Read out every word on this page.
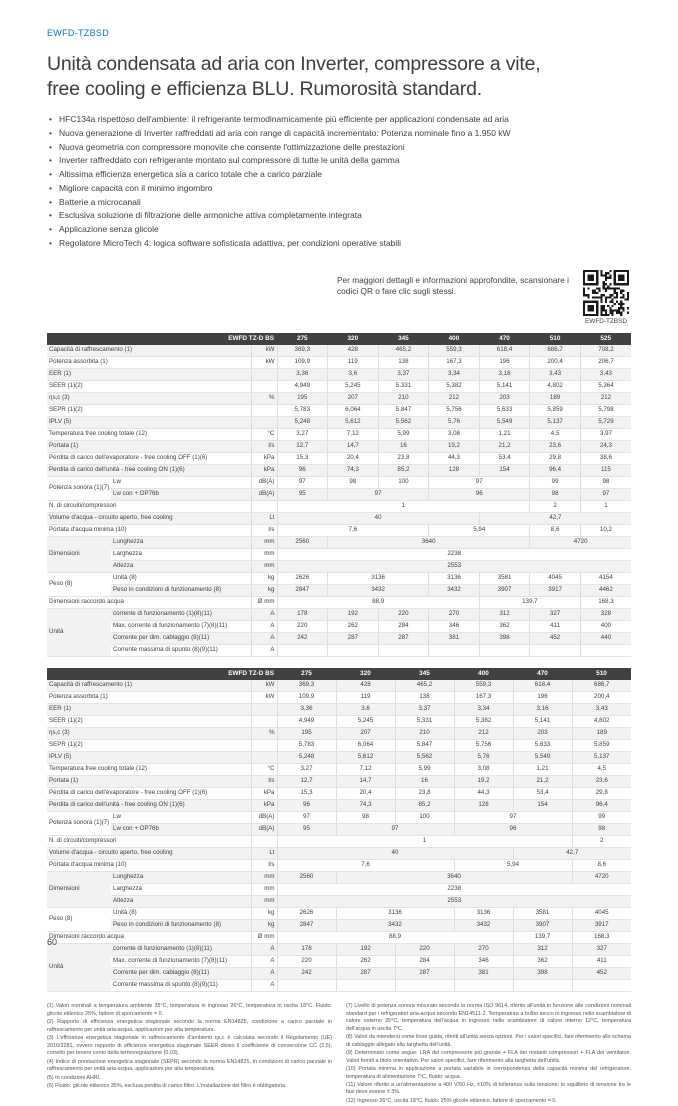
EWFD-TZBSD
Unità condensata ad aria con Inverter, compressore a vite,
free cooling e efficienza BLU. Rumorosità standard.
• HFC134a rispettoso dell'ambiente: il refrigerante termodinamicamente più efficiente per applicazioni condensate ad aria
• Nuova generazione di Inverter raffreddati ad aria con range di capacità incrementato: Potenza nominale fino a 1.950 kW
• Nuova geometria con compressore monovite che consente l'ottimizzazione delle prestazioni
• Inverter raffreddato con refrigerante montato sul compressore di tutte le unità della gamma
• Altissima efficienza energetica sia a carico totale che a carico parziale
• Migliore capacità con il minimo ingombro
• Batterie a microcanali
• Esclusiva soluzione di filtrazione delle armoniche attiva completamente integrata
• Applicazione senza glicole
• Regolatore MicroTech 4: logica software sofisticata adattiva, per condizioni operative stabili
Per maggiori dettagli e informazioni approfondite, scansionare i codici QR o fare clic sugli stessi.
EWFD-TZBSD
EWFD TZ-D BS			275	320	345	400	470	510	525
Capacità di raffrescamento (1)		kW	369,3	428	465,2	559,3	618,4	686,7	708,2
Potenza assorbita (1)		kW	109,9	119	138	167,3	196	200,4	206,7
EER (1)			3,36	3,6	3,37	3,34	3,16	3,43	3,43
SEER (1)(2)			4,949	5,245	5,331	5,382	5,141	4,802	5,364
ηs,c (3)		%	195	207	210	212	203	189	212
SEPR (1)(2)			5,783	6,064	5,847	5,756	5,633	5,859	5,798
IPLV (5)			5,248	5,612	5,562	5,76	5,549	5,137	5,729
Temperatura free cooling totale (12)		°C	3,27	7,12	5,99	3,08	1,21	4,5	3,97
Portata (1)		l/s	12,7	14,7	16	19,2	21,2	23,6	24,3
Perdita di carico dell'evaporatore - free cooling OFF (1)(6)		kPa	15,3	20,4	23,8	44,3	53,4	29,8	38,6
Perdita di carico dell'unità - free cooling ON (1)(6)		kPa	96	74,3	85,2	128	154	96,4	115
Potenza sonora (1)(7)	Lw	dB(A)	97	98	100	97		99	98
	Lw con + OP76b	dB(A)	95	97		96		98	97
N. di circuiti/compressori			1					2	1
Volume d'acqua - circuito aperto, free cooling		Lt	40				42,7		
Portata d'acqua minima (10)		l/s	7,6			5,94		8,6	10,2
Dimensioni	Lunghezza	mm	2560	3640				4720	
	Larghezza	mm	2238						
	Altezza	mm	2553						
Peso (8)	Unità (8)	kg	2626	3136		3136	3581	4045	4154
	Peso in condizioni di funzionamento (8)	kg	2847	3432		3432	3907	3917	4462
Dimensioni raccordo acqua		Ø mm	88,9				139,7		168,3
Unità	corrente di funzionamento (1)(8)(11)	A	178	192	220	270	312	327	328
	Max. corrente di funzionamento (7)(8)(11)	A	220	262	284	346	362	411	400
	Corrente per dim. cablaggio (8)(11)	A	242	287	287	381	398	452	440
	Corrente massima di spunto (8)(9)(11)	A							
EWFD TZ-D BS			275	320	345	400	470	510
Capacità di raffrescamento (1)		kW	369,3	428	465,2	559,3	618,4	686,7
Potenza assorbita (1)		kW	109,9	119	138	167,3	196	200,4
EER (1)			3,36	3,6	3,37	3,34	3,16	3,43
SEER (1)(2)			4,949	5,245	5,331	5,382	5,141	4,802
ηs,c (3)		%	195	207	210	212	203	189
SEPR (1)(2)			5,783	6,064	5,847	5,756	5,633	5,859
IPLV (5)			5,248	5,612	5,562	5,76	5,549	5,137
Temperatura free cooling totale (12)		°C	3,27	7,12	5,99	3,08	1,21	4,5
Portata (1)		l/s	12,7	14,7	16	19,2	21,2	23,6
Perdita di carico dell'evaporatore - free cooling OFF (1)(6)		kPa	15,3	20,4	23,8	44,3	53,4	29,8
Perdita di carico dell'unità - free cooling ON (1)(6)		kPa	96	74,3	85,2	128	154	96,4
Potenza sonora (1)(7)	Lw	dB(A)	97	98	100	97		99
	Lw con + OP76b	dB(A)	95	97		96		98
N. di circuiti/compressori			1					2
Volume d'acqua - circuito aperto, free cooling		Lt	40				42,7	
Portata d'acqua minima (10)		l/s	7,6			5,94		8,6
Dimensioni	Lunghezza	mm	2560	3640				4720
	Larghezza	mm	2238					
	Altezza	mm	2553					
Peso (8)	Unità (8)	kg	2626	3136		3136	3581	4045
	Peso in condizioni di funzionamento (8)	kg	2847	3432		3432	3907	3917
Dimensioni raccordo acqua		Ø mm	88,9				139,7	168,3
Unità	corrente di funzionamento (1)(8)(11)	A	178	192	220	270	312	327
	Max. corrente di funzionamento (7)(8)(11)	A	220	262	284	346	362	411
	Corrente per dim. cablaggio (8)(11)	A	242	287	287	381	398	452
	Corrente massima di spunto (8)(9)(11)	A						

(1) Valori nominali a temperatura ambiente 35°C, temperatura in ingresso 26°C, temperatura in uscita 18°C. Fluido: glicole etilenico 25%, fattore di sporcamento = 0.

(2) Rapporto di efficienza energetica stagionale secondo la norma EN14825, condizione a carico parziale in raffrescamento per unità aria-acqua, applicazioni per alta temperatura.

(3) L'efficienza energetica stagionale in raffrescamento d'ambienti ηs,c è calcolata secondo il Regolamento (UE) 2016/2281, ovvero rapporto di efficienza energetica stagionale SEER diviso il coefficiente di conversione CC (2,5), corretto per tenere conto della termoregolazione (0,03).

(4) Indice di prestazione energetica stagionale (SEPR) secondo la norma EN14825, in condizioni di carico parziale in raffrescamento per unità aria-acqua, applicazioni per alta temperatura.

(5) In condizioni AHRI.

(6) Fluido: glicole etilenico 35%, esclusa perdita di carico filtro. L'installazione del filtro è obbligatoria.

(7) Livello di potenza sonora misurato secondo la norma ISO 9614, riferito all'unità in funzione alle condizioni nominali standard per i refrigeratori aria-acqua secondo EN14511-2. Temperatura a bulbo secco in ingresso nello scambiatore di calore esterno 35°C, temperatura dell'acqua in ingresso nello scambiatore di calore interno 12°C, temperatura dell'acqua in uscita 7°C.

(8) Valori da intendersi come linee guida, riferiti all'unità senza opzioni. Per i valori specifici, fare riferimento allo schema di cablaggio allegato alla targhetta dell'unità.

(9) Determinato come segue: LRA del compressore più grande + FLA dei restanti compressori + FLA dei ventilatori. Valori forniti a titolo orientativo. Per valori specifici, fare riferimento alla targhetta dell'unità.

(10) Portata minima in applicazione a portata variabile in corrispondenza della capacità minima del refrigeratore, temperatura di alimentazione 7°C, fluido: acqua.

(11) Valore riferito a un'alimentazione a 400 V/50 Hz, ±10% di tolleranza sulla tensione; lo squilibrio di tensione tra le fasi deve essere ± 3%.

(12) Ingresso 26°C, uscita 18°C, fluido: 25% glicole etilenico, fattore di sporcamento = 0.

60
